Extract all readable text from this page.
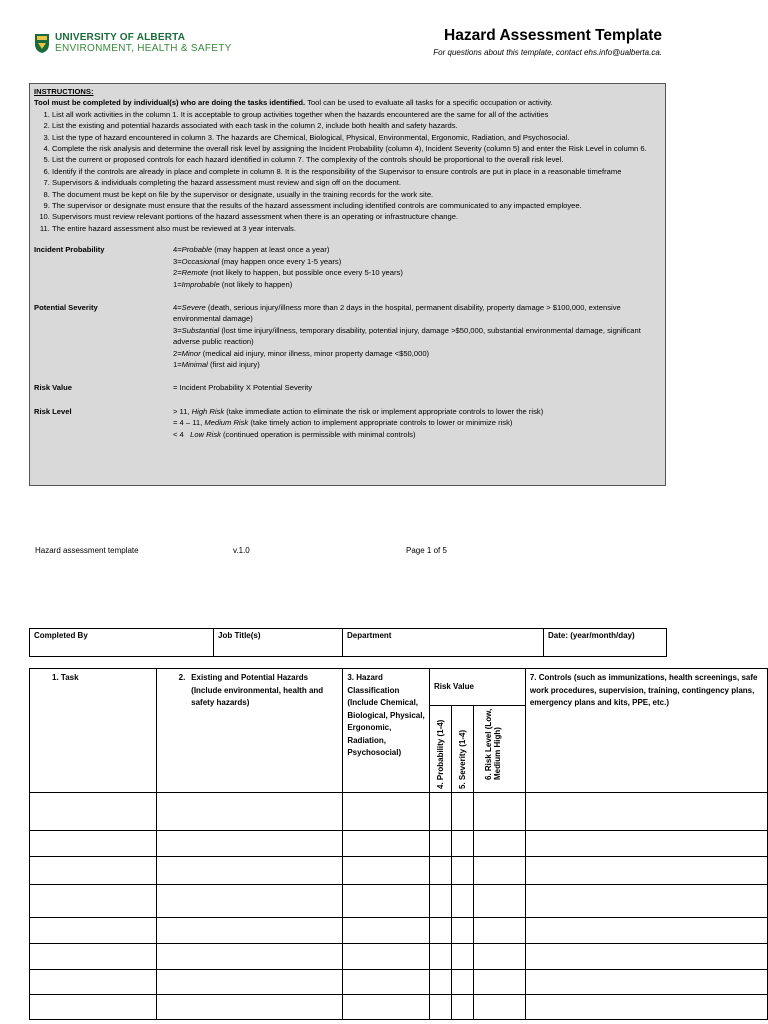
UNIVERSITY OF ALBERTA
ENVIRONMENT, HEALTH & SAFETY
Hazard Assessment Template
For questions about this template, contact ehs.info@ualberta.ca.
INSTRUCTIONS:
Tool must be completed by individual(s) who are doing the tasks identified. Tool can be used to evaluate all tasks for a specific occupation or activity.
1. List all work activities in the column 1. It is acceptable to group activities together when the hazards encountered are the same for all of the activities
2. List the existing and potential hazards associated with each task in the column 2, include both health and safety hazards.
3. List the type of hazard encountered in column 3. The hazards are Chemical, Biological, Physical, Environmental, Ergonomic, Radiation, and Psychosocial.
4. Complete the risk analysis and determine the overall risk level by assigning the Incident Probability (column 4), Incident Severity (column 5) and enter the Risk Level in column 6.
5. List the current or proposed controls for each hazard identified in column 7. The complexity of the controls should be proportional to the overall risk level.
6. Identify if the controls are already in place and complete in column 8. It is the responsibility of the Supervisor to ensure controls are put in place in a reasonable timeframe
7. Supervisors & individuals completing the hazard assessment must review and sign off on the document.
8. The document must be kept on file by the supervisor or designate, usually in the training records for the work site.
9. The supervisor or designate must ensure that the results of the hazard assessment including identified controls are communicated to any impacted employee.
10. Supervisors must review relevant portions of the hazard assessment when there is an operating or infrastructure change.
11. The entire hazard assessment also must be reviewed at 3 year intervals.
Incident Probability	4=Probable (may happen at least once a year)
3=Occasional (may happen once every 1-5 years)
2=Remote (not likely to happen, but possible once every 5-10 years)
1=Improbable (not likely to happen)
Potential Severity	4=Severe (death, serious injury/illness more than 2 days in the hospital, permanent disability, property damage > $100,000, extensive environmental damage)
3=Substantial (lost time injury/illness, temporary disability, potential injury, damage >$50,000, substantial environmental damage, significant adverse public reaction)
2=Minor (medical aid injury, minor illness, minor property damage <$50,000)
1=Minimal (first aid injury)
Risk Value	= Incident Probability X Potential Severity
Risk Level	> 11, High Risk (take immediate action to eliminate the risk or implement appropriate controls to lower the risk)
= 4 – 11, Medium Risk (take timely action to implement appropriate controls to lower or minimize risk)
< 4   Low Risk (continued operation is permissible with minimal controls)
Hazard assessment template	v.1.0	Page 1 of 5
Completed By	Job Title(s)	Department	Date: (year/month/day)
1. Task	2. Existing and Potential Hazards (Include environmental, health and safety hazards)	3. Hazard Classification (Include Chemical, Biological, Physical, Ergonomic, Radiation, Psychosocial)	Risk Value			7. Controls (such as immunizations, health screenings, safe work procedures, supervision, training, contingency plans, emergency plans and kits, PPE, etc.)

			4. Probability (1-4)	5. Severity (1-4)	6. Risk Level (Low, Medium High)	
